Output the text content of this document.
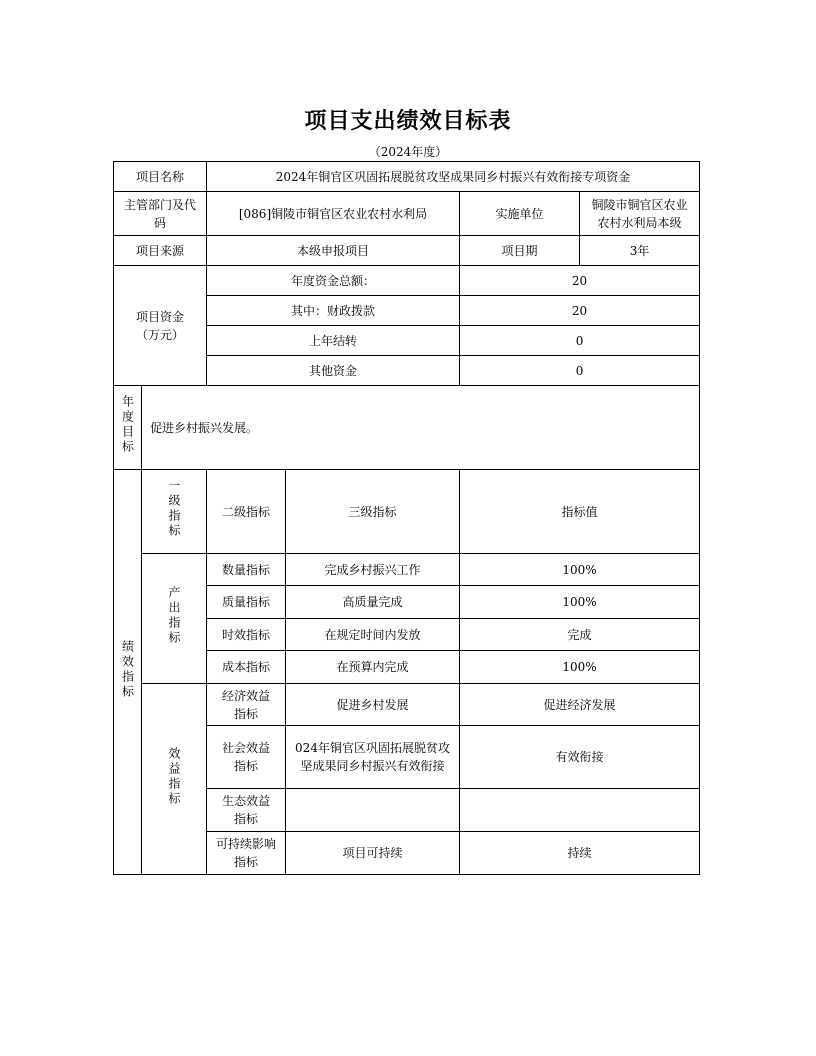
项目支出绩效目标表
（2024年度）
项目名称		2024年铜官区巩固拓展脱贫攻坚成果同乡村振兴有效衔接专项资金			
主管部门及代码		[086]铜陵市铜官区农业农村水利局		实施单位	铜陵市铜官区农业农村水利局本级
项目来源		本级申报项目		项目期	3年
项目资金（万元）		年度资金总额：		20	
		其中：财政拨款		20	
		上年结转		0	
		其他资金		0	
年度目标	促进乡村振兴发展。				
绩效指标	一级指标	二级指标	三级指标	指标值	
	产出指标	数量指标	完成乡村振兴工作	100%	
		质量指标	高质量完成	100%	
		时效指标	在规定时间内发放	完成	
		成本指标	在预算内完成	100%	
	效益指标	经济效益指标	促进乡村发展	促进经济发展	
		社会效益指标	024年铜官区巩固拓展脱贫攻坚成果同乡村振兴有效衔接	有效衔接	
		生态效益指标			
		可持续影响指标	项目可持续	持续	
